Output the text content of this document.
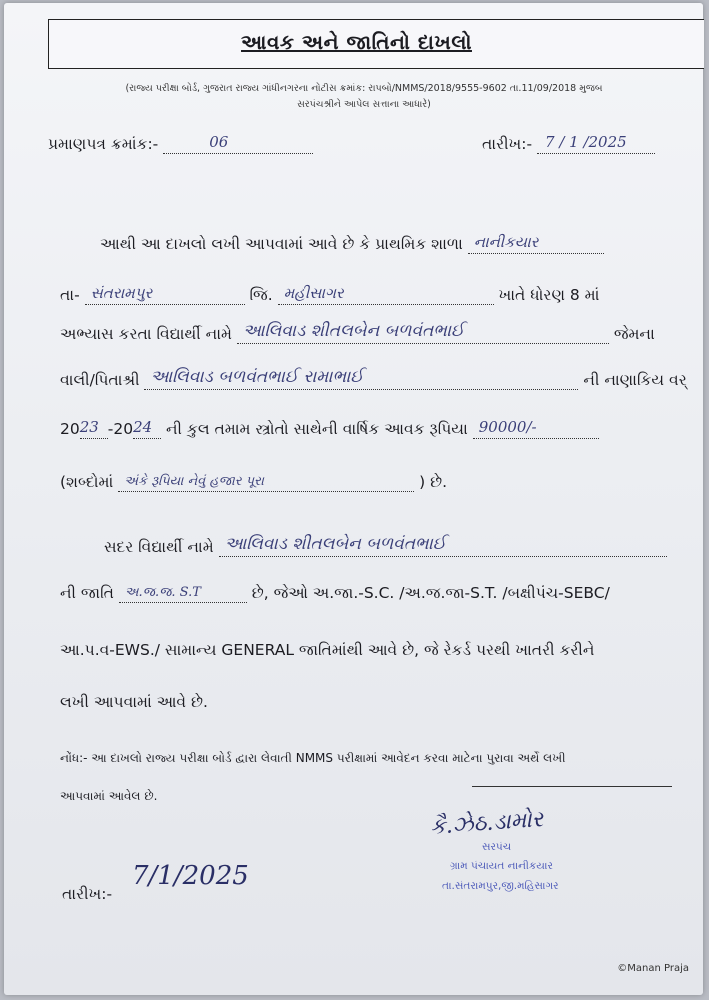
આવક અને જાતિનો દાખલો
(રાજ્ય પરીક્ષા બોર્ડ, ગુજરાત રાજ્ય ગાંધીનગરના નોટીસ ક્રમાંક: રાપબો/NMMS/2018/9555-9602 તા.11/09/2018 મુજબ
સરપંચશ્રીને આપેલ સત્તાના આધારે)
પ્રમાણપત્ર ક્રમાંક:-	06	તારીખ:- 7 / 1 /2025
આથી આ દાખલો લખી આપવામાં આવે છે કે પ્રાથમિક શાળા નાનીકયાર
તા- સંતરામપુર	જિ. મહીસાગર	ખાતે ધોરણ 8 માં
અભ્યાસ કરતા વિદ્યાર્થી નામે આલિવાડ શીતલબેન બળવંતભાઈ	જેમના
વાલી/પિતાશ્રી આલિવાડ બળવંતભાઈ રામાભાઈ	ની નાણાકિય વર્
20 23 -20 24 ની કુલ તમામ સ્ત્રોતો સાથેની વાર્ષિક આવક રૂપિયા 90000/-
(શબ્દોમાં અંકે રૂપિયા નેવું હજાર પૂરા	) છે.
સદર વિદ્યાર્થી નામે આલિવાડ શીતલબેન બળવંતભાઈ
ની જાતિ અ.જ.જ. S.T	છે, જેઓ અ.જા.-S.C. /અ.જ.જા-S.T. /બક્ષીપંચ-SEBC/
આ.પ.વ-EWS./ સામાન્ય GENERAL જાતિમાંથી આવે છે, જે રેકર્ડ પરથી ખાતરી કરીને
લખી આપવામાં આવે છે.
નોંધ:- આ દાખલો રાજ્ય પરીક્ષા બોર્ડ દ્વારા લેવાતી NMMS પરીક્ષામાં આવેદન કરવા માટેના પુરાવા અર્થે લખી
આપવામાં આવેલ છે.
કૈ.ઝેઠ.ડામોર
સરપંચ
ગ્રામ પંચાયત નાનીકયાર
તા.સંતરામપુર,જી.મહિસાગર
તારીખ:-
7/1/2025
©Manan Praja
